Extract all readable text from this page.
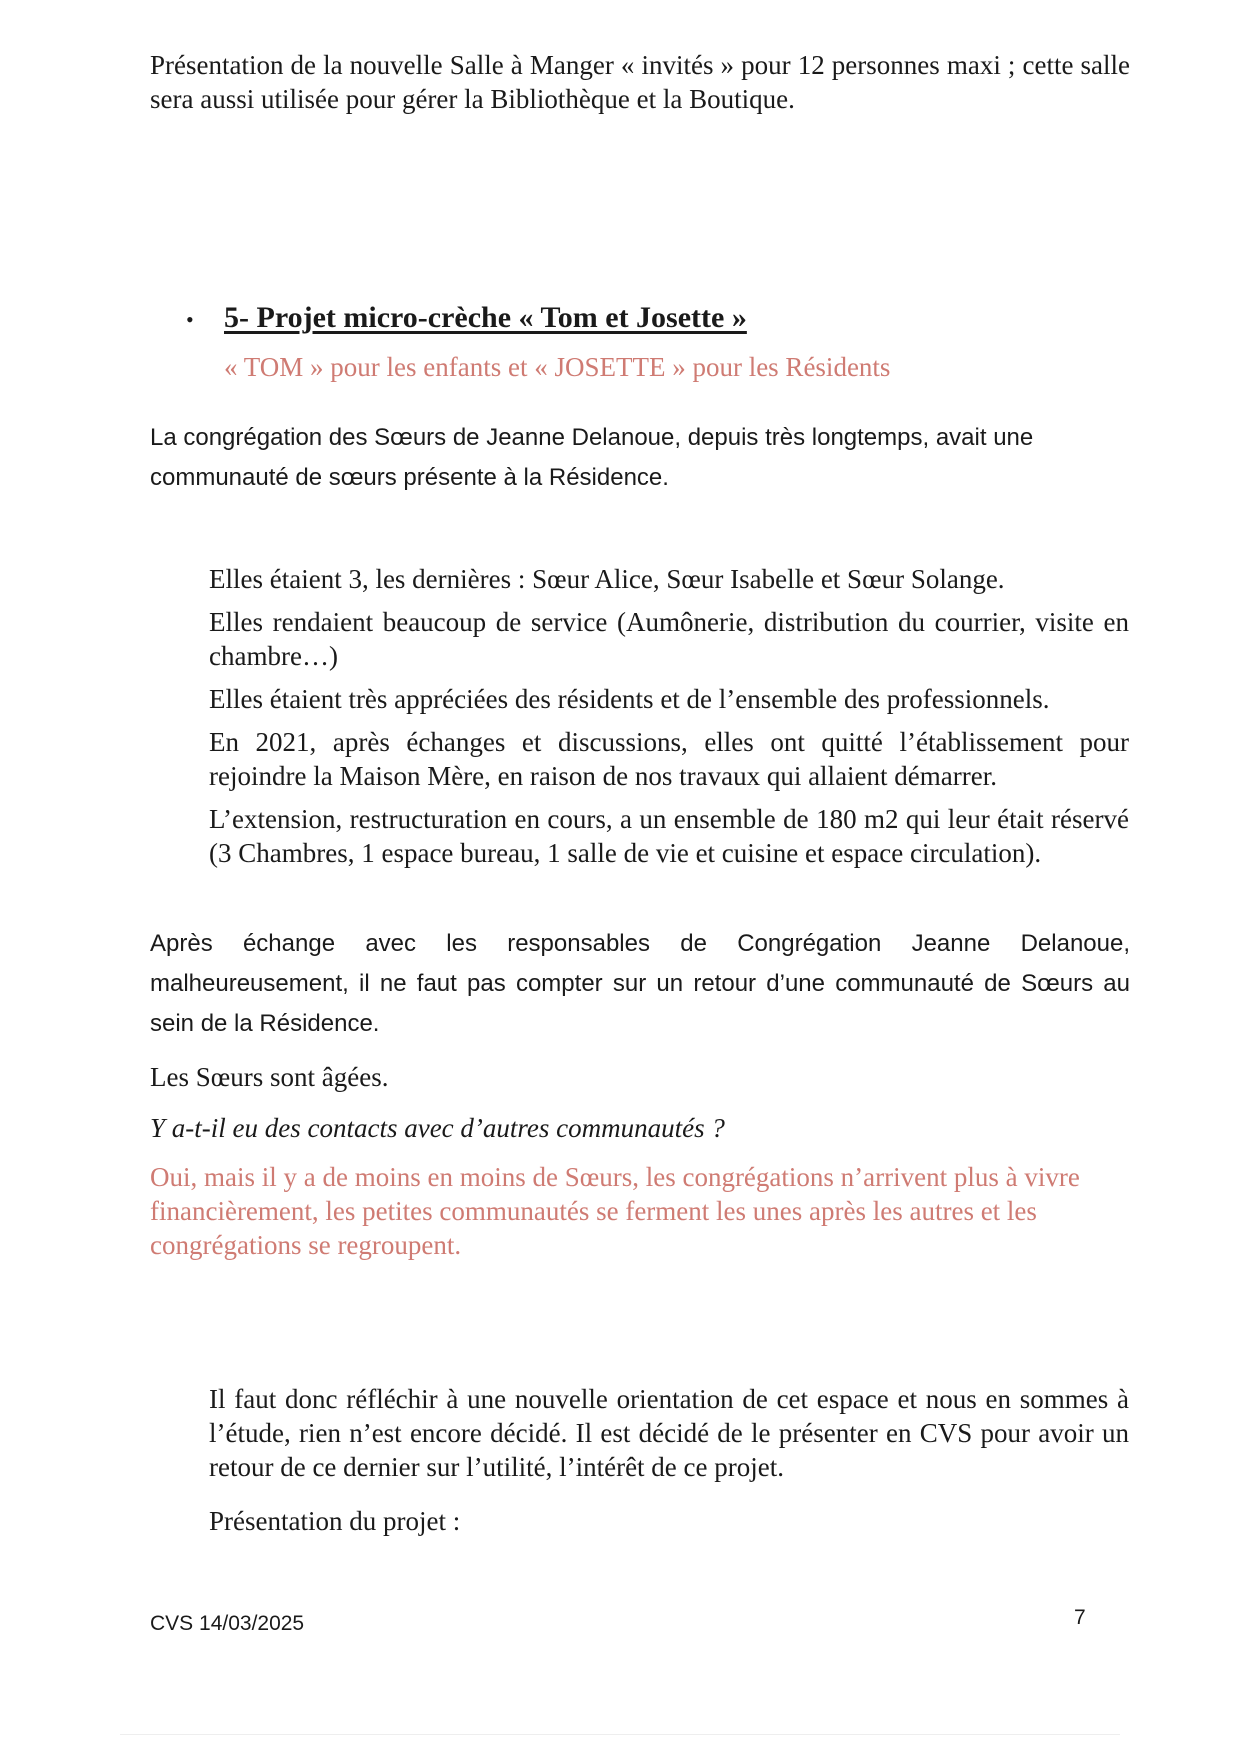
Présentation de la nouvelle Salle à Manger « invités » pour 12 personnes maxi ; cette salle sera aussi utilisée pour gérer la Bibliothèque et la Boutique.

• 5- Projet micro-crèche « Tom et Josette »

« TOM » pour les enfants et « JOSETTE » pour les Résidents

La congrégation des Sœurs de Jeanne Delanoue, depuis très longtemps, avait une communauté de sœurs présente à la Résidence.

Elles étaient 3, les dernières : Sœur Alice, Sœur Isabelle et Sœur Solange.

Elles rendaient beaucoup de service (Aumônerie, distribution du courrier, visite en chambre…)

Elles étaient très appréciées des résidents et de l’ensemble des professionnels.

En 2021, après échanges et discussions, elles ont quitté l’établissement pour rejoindre la Maison Mère, en raison de nos travaux qui allaient démarrer.

L’extension, restructuration en cours, a un ensemble de 180 m2 qui leur était réservé (3 Chambres, 1 espace bureau, 1 salle de vie et cuisine et espace circulation).

Après échange avec les responsables de Congrégation Jeanne Delanoue, malheureusement, il ne faut pas compter sur un retour d’une communauté de Sœurs au sein de la Résidence.

Les Sœurs sont âgées.

Y a-t-il eu des contacts avec d’autres communautés ?

Oui, mais il y a de moins en moins de Sœurs, les congrégations n’arrivent plus à vivre financièrement, les petites communautés se ferment les unes après les autres et les congrégations se regroupent.

Il faut donc réfléchir à une nouvelle orientation de cet espace et nous en sommes à l’étude, rien n’est encore décidé. Il est décidé de le présenter en CVS pour avoir un retour de ce dernier sur l’utilité, l’intérêt de ce projet.

Présentation du projet :

CVS 14/03/2025	7
